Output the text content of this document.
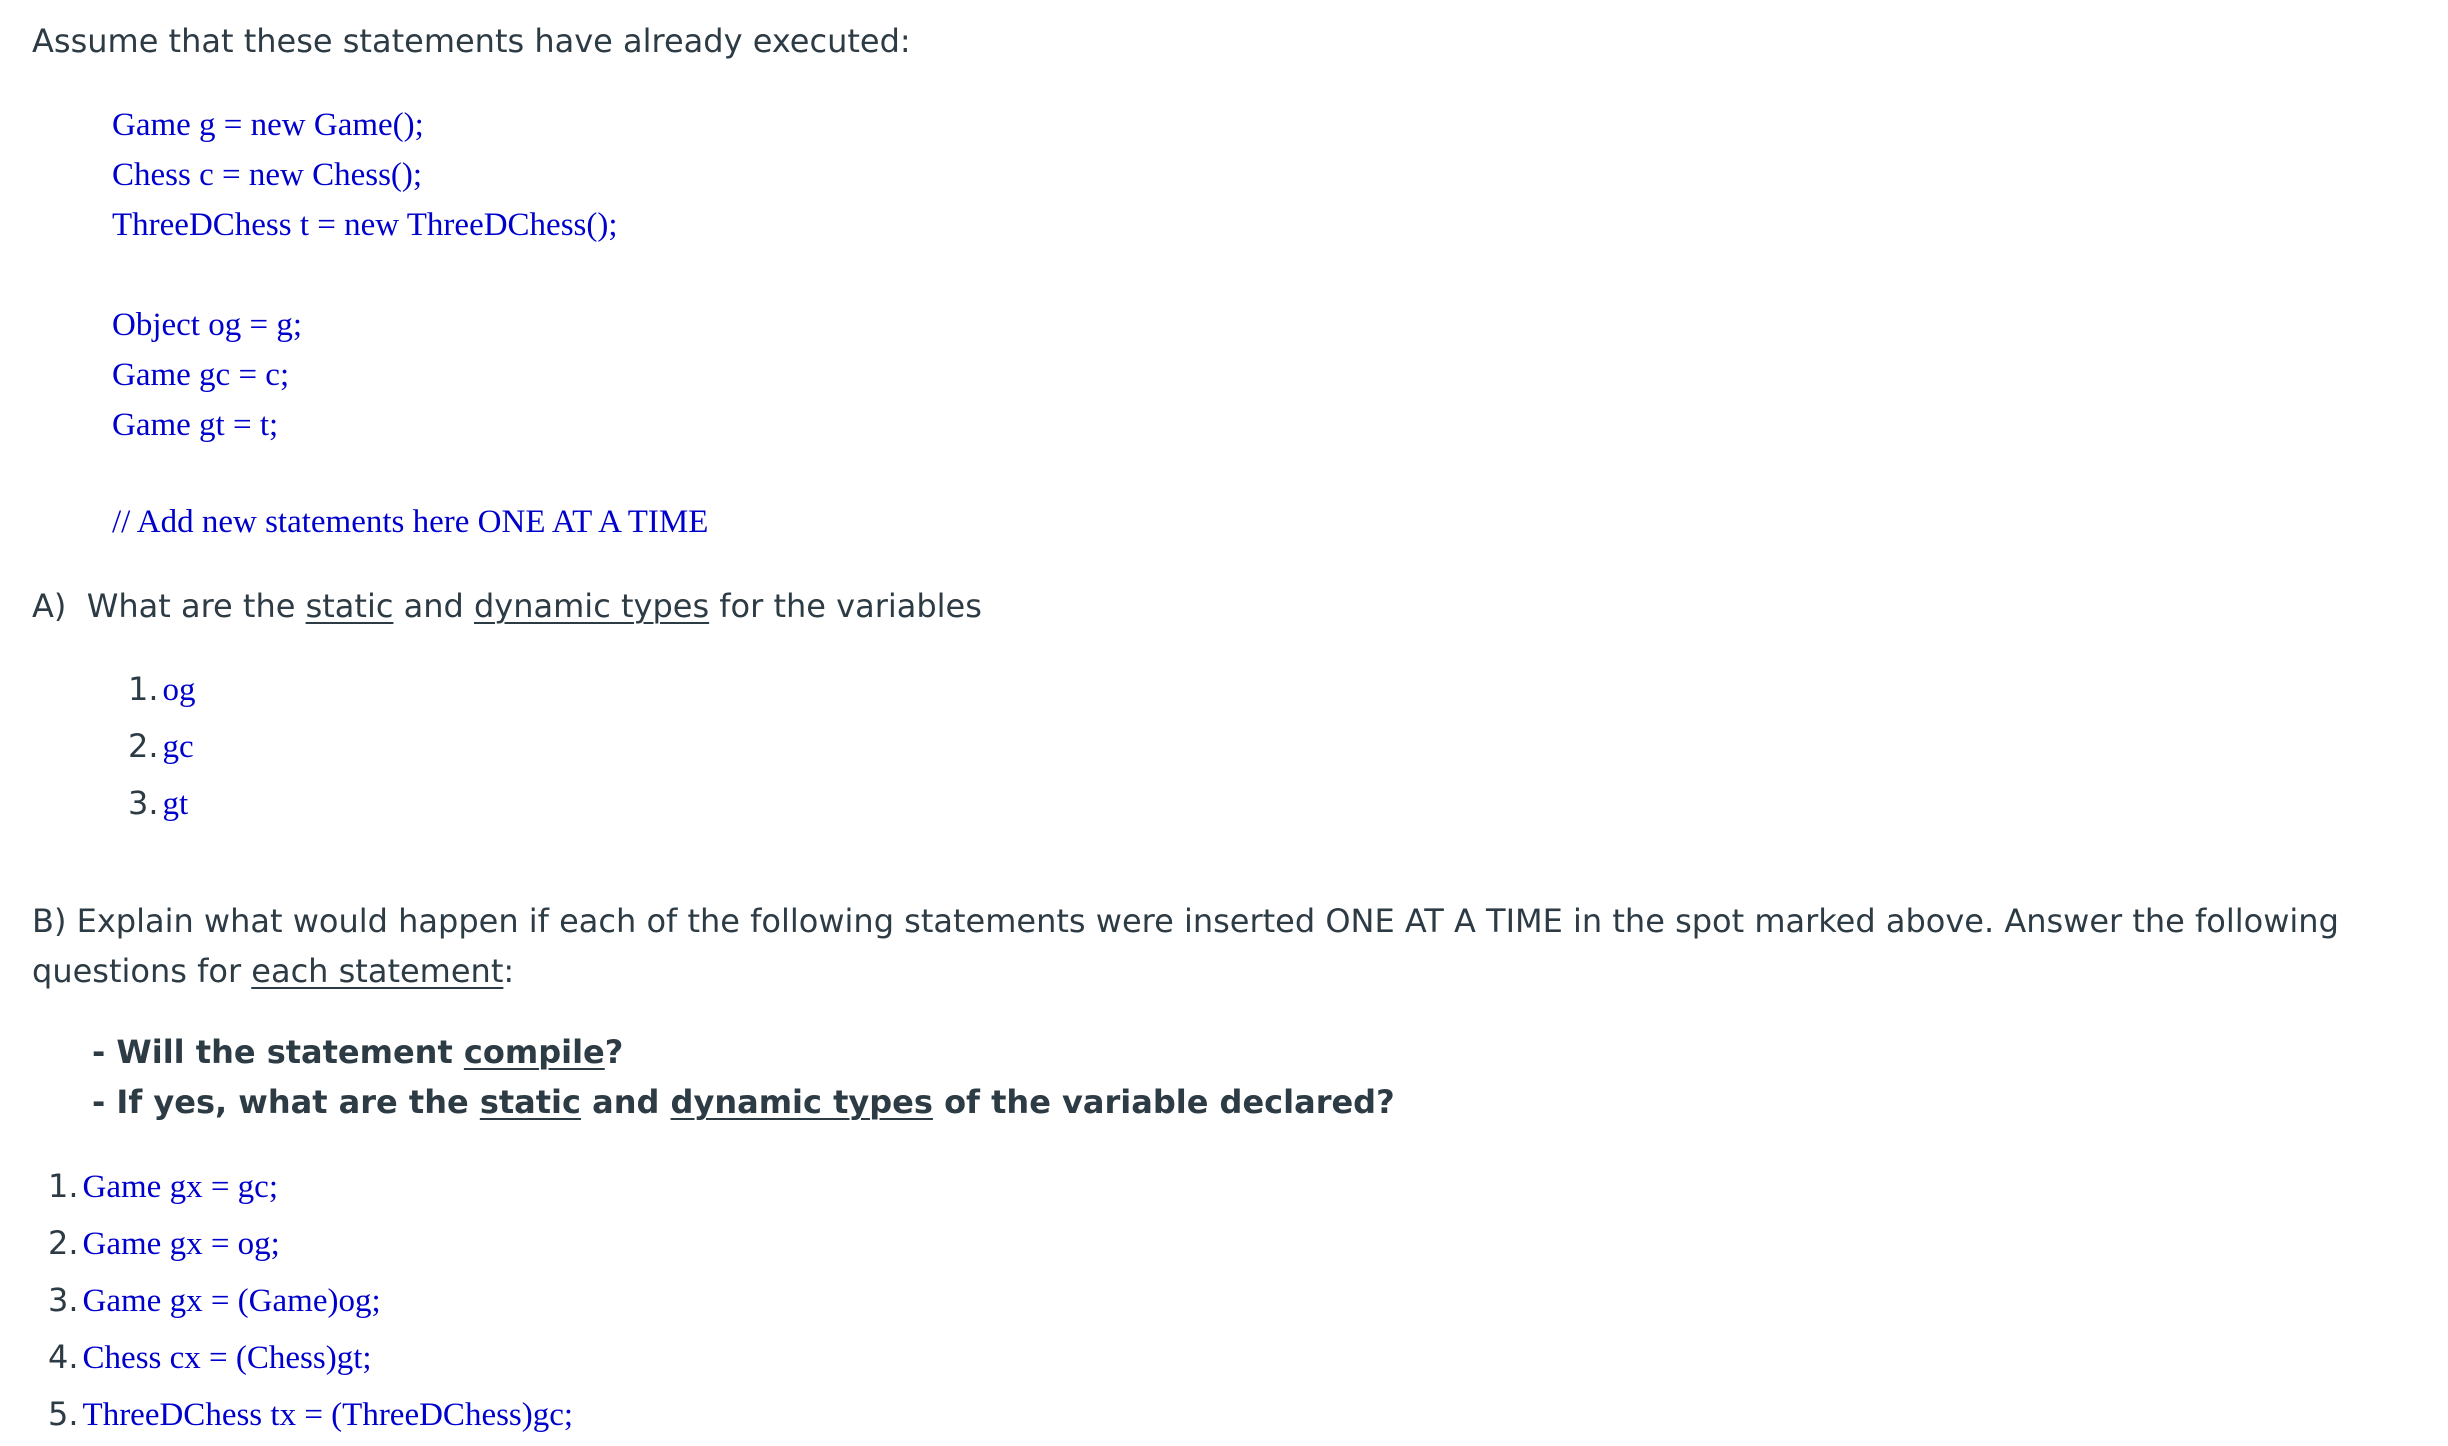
Assume that these statements have already executed:
Game g = new Game();
Chess c = new Chess();
ThreeDChess t = new ThreeDChess();
Object og = g;
Game gc = c;
Game gt = t;
// Add new statements here ONE AT A TIME
A)  What are the static and dynamic types for the variables
1. og
2. gc
3. gt
B) Explain what would happen if each of the following statements were inserted ONE AT A TIME in the spot marked above. Answer the following
questions for each statement:
- Will the statement compile?
- If yes, what are the static and dynamic types of the variable declared?
1. Game gx = gc;
2. Game gx = og;
3. Game gx = (Game)og;
4. Chess cx = (Chess)gt;
5. ThreeDChess tx = (ThreeDChess)gc;
